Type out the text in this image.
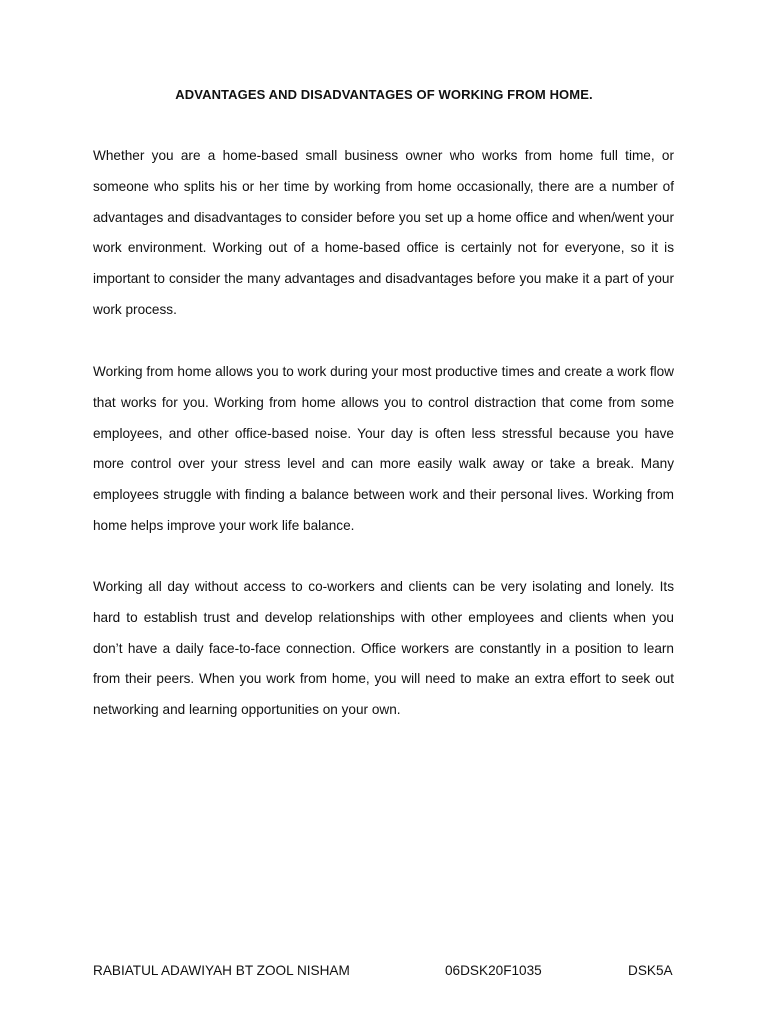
ADVANTAGES AND DISADVANTAGES OF WORKING FROM HOME.

Whether you are a home-based small business owner who works from home full time, or someone who splits his or her time by working from home occasionally, there are a number of advantages and disadvantages to consider before you set up a home office and when/went your work environment. Working out of a home-based office is certainly not for everyone, so it is important to consider the many advantages and disadvantages before you make it a part of your work process.

Working from home allows you to work during your most productive times and create a work flow that works for you. Working from home allows you to control distraction that come from some employees, and other office-based noise. Your day is often less stressful because you have more control over your stress level and can more easily walk away or take a break. Many employees struggle with finding a balance between work and their personal lives. Working from home helps improve your work life balance.

Working all day without access to co-workers and clients can be very isolating and lonely. Its hard to establish trust and develop relationships with other employees and clients when you don’t have a daily face-to-face connection. Office workers are constantly in a position to learn from their peers. When you work from home, you will need to make an extra effort to seek out networking and learning opportunities on your own.

RABIATUL ADAWIYAH BT ZOOL NISHAM	06DSK20F1035	DSK5A
